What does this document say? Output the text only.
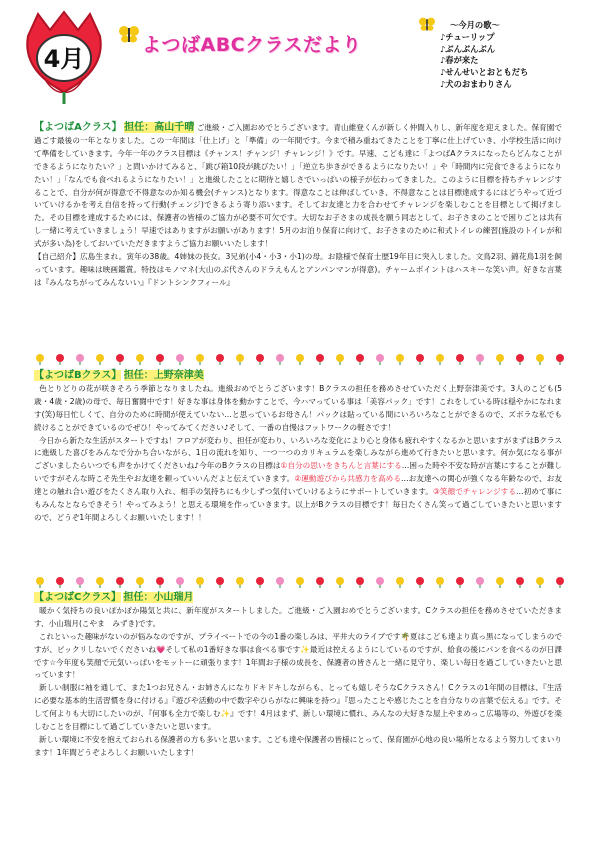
4月	よつばABCクラスだより
～今月の歌～
♪チューリップ
♪ぶんぶんぶん
♪春が来た
♪せんせいとおともだち
♪犬のおまわりさん

【よつばAクラス】 担任：高山千晴 ご進級・ご入園おめでとうございます。青山維登くんが新しく仲間入りし、新年度を迎えました。保育園で過ごす最後の一年となりました。この一年間は「仕上げ」と「準備」の一年間です。今まで積み重ねてきたことを丁寧に仕上げていき、小学校生活に向けて準備をしていきます。今年一年のクラス目標は《チャンス！チャンジ！チャレンジ！》です。早速、こども達に「よつばAクラスになったらどんなことができるようになりたい？」と問いかけてみると、「跳び箱10段が跳びたい！」「逆立ち歩きができるようになりたい！」や「時間内に完食できるようになりたい！」「なんでも食べれるようになりたい！」と進級したことに期待と嬉しさでいっぱいの様子が伝わってきました。このように目標を持ちチャレンジすることで、自分が何が得意で不得意なのか知る機会(チャンス)となります。得意なことは伸ばしていき、不得意なことは目標達成するにはどうやって近づいていけるかを考え自信を持って行動(チェンジ)できるよう寄り添います。そしてお友達と力を合わせてチャレンジを楽しむことを目標として掲げました。その目標を達成するためには、保護者の皆様のご協力が必要不可欠です。大切なお子さまの成長を願う同志として、お子さまのことで困りごとは共有し一緒に考えていきましょう！早速ではありますがお願いがあります！5月のお泊り保育に向けて、お子さまのために和式トイレの練習(施設のトイレが和式が多い為)をしておいていただきますようご協力お願いいたします！

【自己紹介】広島生まれ。寅年の38歳。4姉妹の長女。3兄弟(小4・小3・小1)の母。お陰様で保育士歴19年目に突入しました。文鳥2羽、錦花鳥1羽を飼っています。趣味は映画鑑賞。特技はモノマネ(大山のぶ代さんのドラえもんとアンパンマンが得意)。チャームポイントはハスキーな笑い声。好きな言葉は『みんなちがってみんないい』『ドントシンクフィール』

【よつばBクラス】 担任：上野奈津美

色とりどりの花が咲きそろう季節となりましたね。進級おめでとうございます！Bクラスの担任を務めさせていただく上野奈津美です。3人のこども(5歳・4歳・2歳)の母で、毎日奮闘中です！好きな事は身体を動かすことで、今ハマっている事は「美容パック」です！これをしている時は穏やかになれます(笑)毎日忙しくて、自分のために時間が使えていない…と思っているお母さん！パックは貼っている間にいろいろなことができるので、ズボラな私でも続けることができているのでぜひ！やってみてください♪そして、一番の自慢はフットワークの軽さです！

今日から新たな生活がスタートですね！フロアが変わり、担任が変わり、いろいろな変化により心と身体も疲れやすくなるかと思いますがまずはBクラスに進級した喜びをみんなで分かち合いながら、1日の流れを知り、一つ一つのカリキュラムを楽しみながら進めて行きたいと思います。何か気になる事がございましたらいつでも声をかけてくださいね♪今年のBクラスの目標は①自分の思いをきちんと言葉にする…困った時や不安な時が言葉にすることが難しいですがそんな時こそ先生やお友達を頼っていいんだよと伝えていきます。②運動遊びから共感力を高める…お友達への関心が強くなる年齢なので、お友達との触れ合い遊びをたくさん取り入れ、相手の気持ちにも少しずつ気付いていけるようにサポートしていきます。③笑顔でチャレンジする…初めて事にもみんなとならできそう！やってみよう！と思える環境を作っていきます。以上がBクラスの目標です！毎日たくさん笑って過ごしていきたいと思いますので、どうぞ1年間よろしくお願いいたします！！

【よつばCクラス】 担任：小山瑞月

暖かく気持ちの良いぽかぽか陽気と共に、新年度がスタートしました。ご進級・ご入園おめでとうございます。Cクラスの担任を務めさせていただきます、小山瑞月(こやま　みずき)です。

これといった趣味がないのが悩みなのですが、プライベートでの今の1番の楽しみは、平井大のライブです🌴夏はこども達より真っ黒になってしまうのですが、ビックリしないでくださいね💗そして私の1番好きな事は食べる事です✨最近は控えるようにしているのですが、給食の後にパンを食べるのが日課です☆今年度も笑顔で元気いっぱいをモットーに頑張ります！1年間お子様の成長を、保護者の皆さんと一緒に見守り、楽しい毎日を過ごしていきたいと思っています！

新しい制服に袖を通して、また1つお兄さん・お姉さんになりドキドキしながらも、とっても嬉しそうなCクラスさん！Cクラスの1年間の目標は、『生活に必要な基本的生活習慣を身に付ける』『遊びや活動の中で数字やひらがなに興味を持つ』『思ったことや感じたことを自分なりの言葉で伝える』です。そして何よりも大切にしたいのが、『何事も全力で楽しむ✨』です！4月はまず、新しい環境に慣れ、みんなの大好きな屋上やまめっこ広場等の、外遊びを楽しむことを目標にして過ごしていきたいと思います。

新しい環境に不安を抱えておられる保護者の方も多いと思います。こども達や保護者の皆様にとって、保育園が心地の良い場所となるよう努力してまいります！1年間どうぞよろしくお願いいたします！
